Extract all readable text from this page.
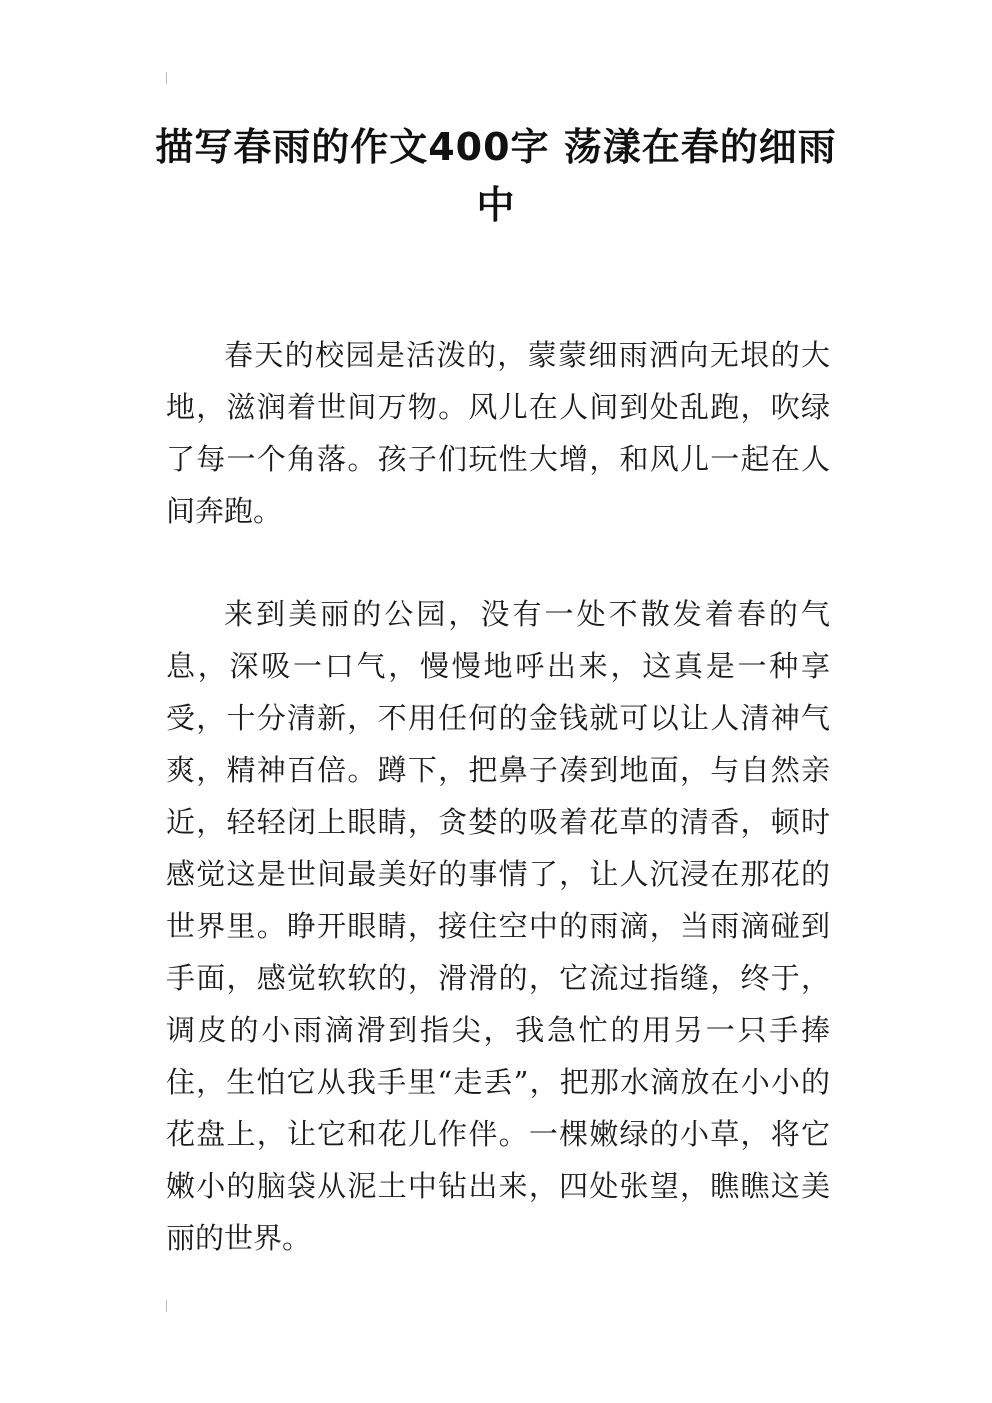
描写春雨的作文400字 荡漾在春的细雨中

春天的校园是活泼的，蒙蒙细雨洒向无垠的大地，滋润着世间万物。风儿在人间到处乱跑，吹绿了每一个角落。孩子们玩性大增，和风儿一起在人间奔跑。

来到美丽的公园，没有一处不散发着春的气息，深吸一口气，慢慢地呼出来，这真是一种享受，十分清新，不用任何的金钱就可以让人清神气爽，精神百倍。蹲下，把鼻子凑到地面，与自然亲近，轻轻闭上眼睛，贪婪的吸着花草的清香，顿时感觉这是世间最美好的事情了，让人沉浸在那花的世界里。睁开眼睛，接住空中的雨滴，当雨滴碰到手面，感觉软软的，滑滑的，它流过指缝，终于，调皮的小雨滴滑到指尖，我急忙的用另一只手捧住，生怕它从我手里“走丢”，把那水滴放在小小的花盘上，让它和花儿作伴。一棵嫩绿的小草，将它嫩小的脑袋从泥土中钻出来，四处张望，瞧瞧这美丽的世界。
